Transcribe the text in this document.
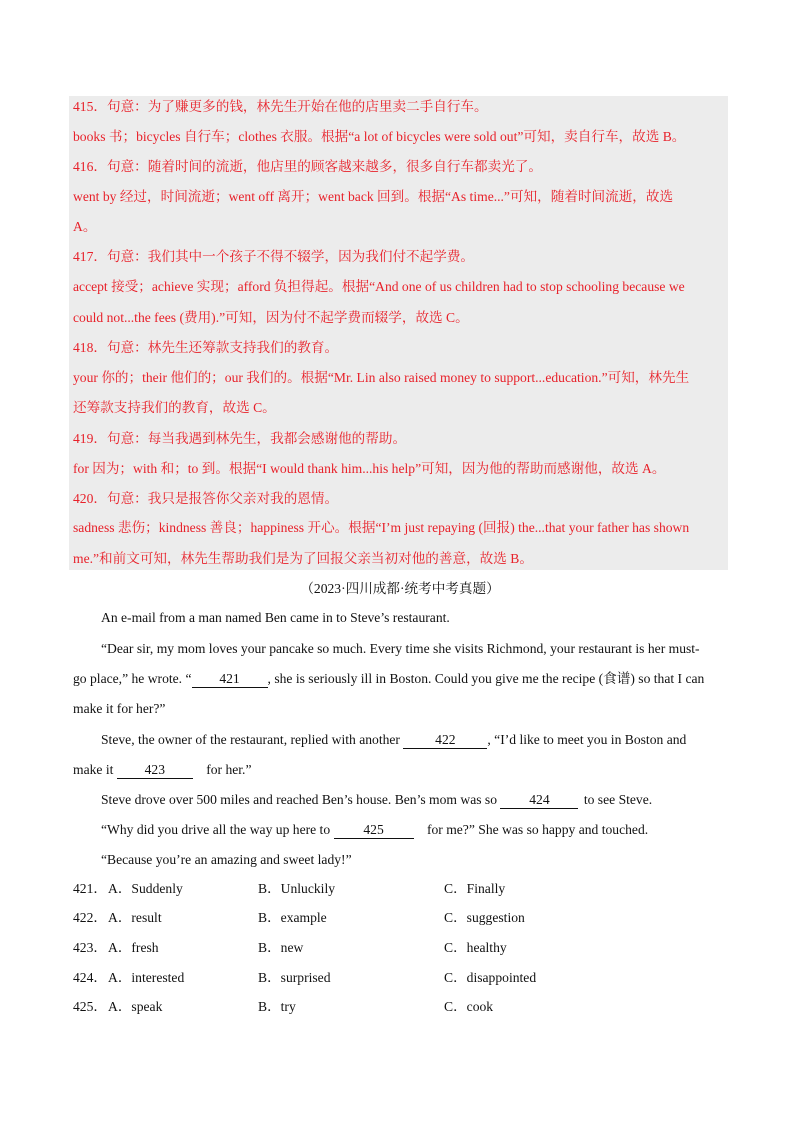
415．句意：为了赚更多的钱，林先生开始在他的店里卖二手自行车。
books 书；bicycles 自行车；clothes 衣服。根据“a lot of bicycles were sold out”可知，卖自行车，故选 B。
416．句意：随着时间的流逝，他店里的顾客越来越多，很多自行车都卖光了。
went by 经过，时间流逝；went off 离开；went back 回到。根据“As time...”可知，随着时间流逝，故选
A。
417．句意：我们其中一个孩子不得不辍学，因为我们付不起学费。
accept 接受；achieve 实现；afford 负担得起。根据“And one of us children had to stop schooling because we
could not...the fees (费用).”可知，因为付不起学费而辍学，故选 C。
418．句意：林先生还筹款支持我们的教育。
your 你的；their 他们的；our 我们的。根据“Mr. Lin also raised money to support...education.”可知，林先生
还筹款支持我们的教育，故选 C。
419．句意：每当我遇到林先生，我都会感谢他的帮助。
for 因为；with 和；to 到。根据“I would thank him...his help”可知，因为他的帮助而感谢他，故选 A。
420．句意：我只是报答你父亲对我的恩情。
sadness 悲伤；kindness 善良；happiness 开心。根据“I’m just repaying (回报) the...that your father has shown
me.”和前文可知，林先生帮助我们是为了回报父亲当初对他的善意，故选 B。
（2023·四川成都·统考中考真题）
An e-mail from a man named Ben came in to Steve’s restaurant.
“Dear sir, my mom loves your pancake so much. Every time she visits Richmond, your restaurant is her must-
go place,” he wrote. “ 421 , she is seriously ill in Boston. Could you give me the recipe (食谱) so that I can
make it for her?”
Steve, the owner of the restaurant, replied with another 422 , “I’d like to meet you in Boston and
make it 423	for her.”
Steve drove over 500 miles and reached Ben’s house. Ben’s mom was so 424 to see Steve.
“Why did you drive all the way up here to 425	for me?” She was so happy and touched.
“Because you’re an amazing and sweet lady!”
421． A．Suddenly	B．Unluckily	C．Finally
422． A．result	B．example	C．suggestion
423． A．fresh	B．new	C．healthy
424． A．interested	B．surprised	C．disappointed
425． A．speak	B．try	C．cook
